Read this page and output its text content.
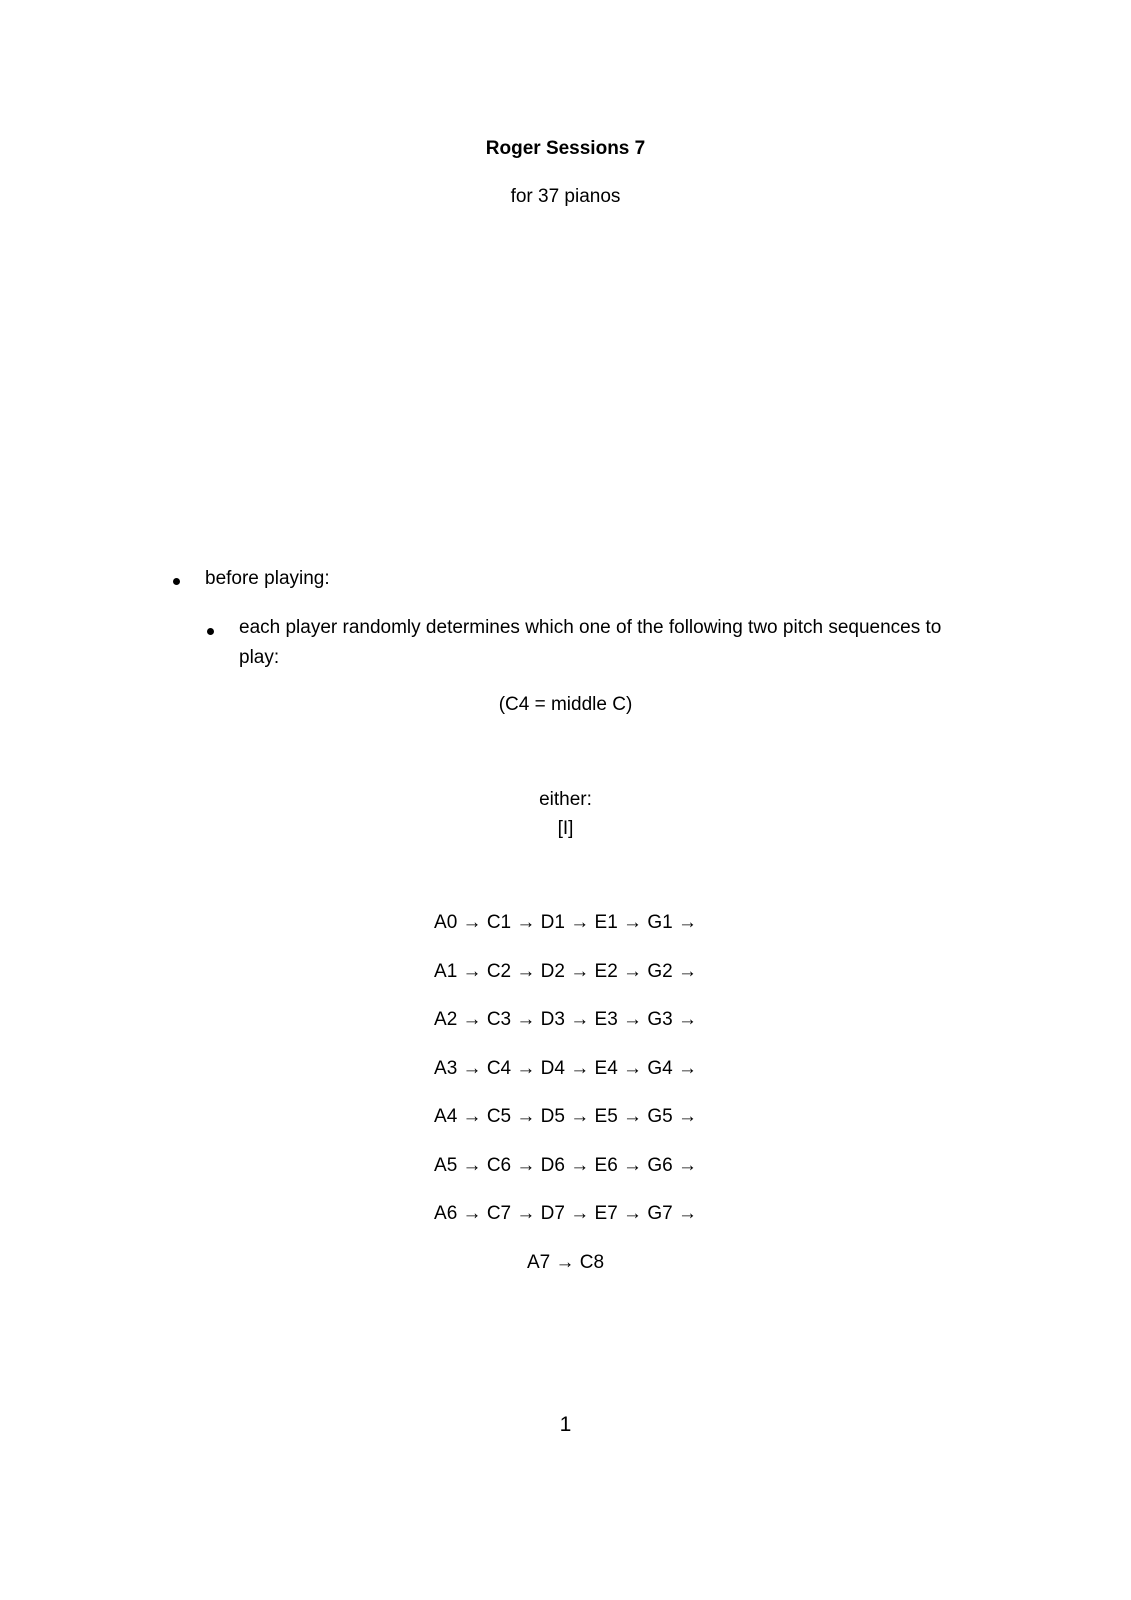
Roger Sessions 7
for 37 pianos
before playing:
each player randomly determines which one of the following two pitch sequences to play:
(C4 = middle C)
either:
[I]
A0 → C1 → D1 → E1 → G1 →
A1 → C2 → D2 → E2 → G2 →
A2 → C3 → D3 → E3 → G3 →
A3 → C4 → D4 → E4 → G4 →
A4 → C5 → D5 → E5 → G5 →
A5 → C6 → D6 → E6 → G6 →
A6 → C7 → D7 → E7 → G7 →
A7 → C8
1
